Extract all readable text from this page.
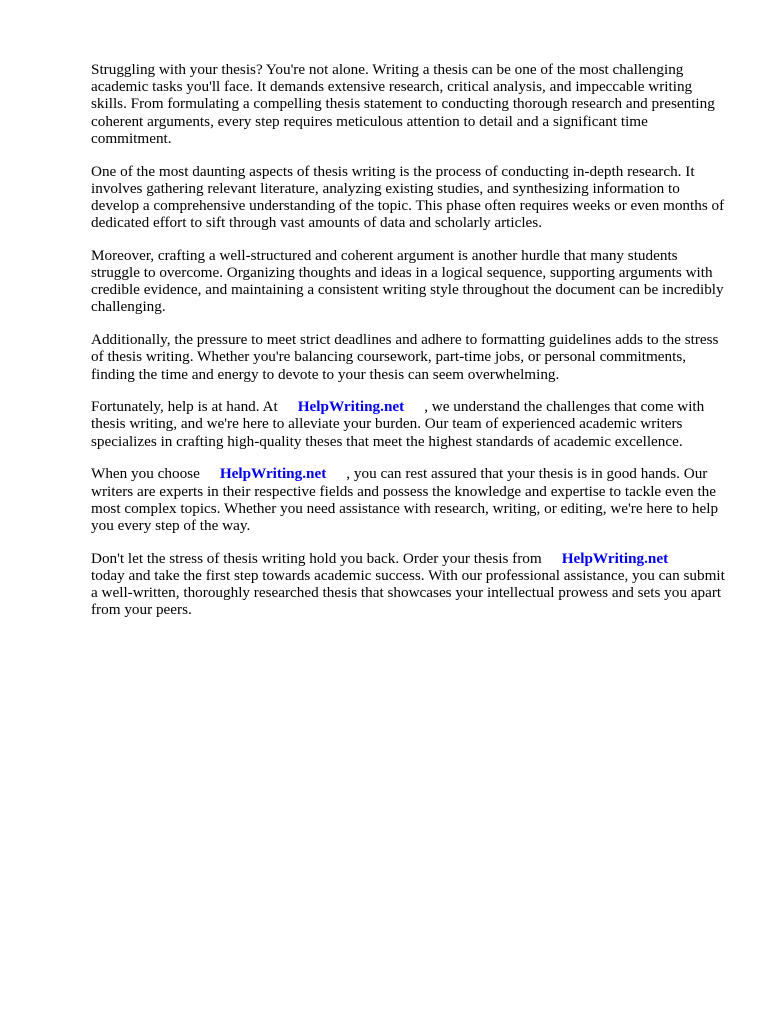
Struggling with your thesis? You're not alone. Writing a thesis can be one of the most challenging academic tasks you'll face. It demands extensive research, critical analysis, and impeccable writing skills. From formulating a compelling thesis statement to conducting thorough research and presenting coherent arguments, every step requires meticulous attention to detail and a significant time commitment.

One of the most daunting aspects of thesis writing is the process of conducting in-depth research. It involves gathering relevant literature, analyzing existing studies, and synthesizing information to develop a comprehensive understanding of the topic. This phase often requires weeks or even months of dedicated effort to sift through vast amounts of data and scholarly articles.

Moreover, crafting a well-structured and coherent argument is another hurdle that many students struggle to overcome. Organizing thoughts and ideas in a logical sequence, supporting arguments with credible evidence, and maintaining a consistent writing style throughout the document can be incredibly challenging.

Additionally, the pressure to meet strict deadlines and adhere to formatting guidelines adds to the stress of thesis writing. Whether you're balancing coursework, part-time jobs, or personal commitments, finding the time and energy to devote to your thesis can seem overwhelming.

Fortunately, help is at hand. At HelpWriting.net , we understand the challenges that come with thesis writing, and we're here to alleviate your burden. Our team of experienced academic writers specializes in crafting high-quality theses that meet the highest standards of academic excellence.

When you choose HelpWriting.net , you can rest assured that your thesis is in good hands. Our writers are experts in their respective fields and possess the knowledge and expertise to tackle even the most complex topics. Whether you need assistance with research, writing, or editing, we're here to help you every step of the way.

Don't let the stress of thesis writing hold you back. Order your thesis from HelpWriting.net
today and take the first step towards academic success. With our professional assistance, you can submit a well-written, thoroughly researched thesis that showcases your intellectual prowess and sets you apart from your peers.
